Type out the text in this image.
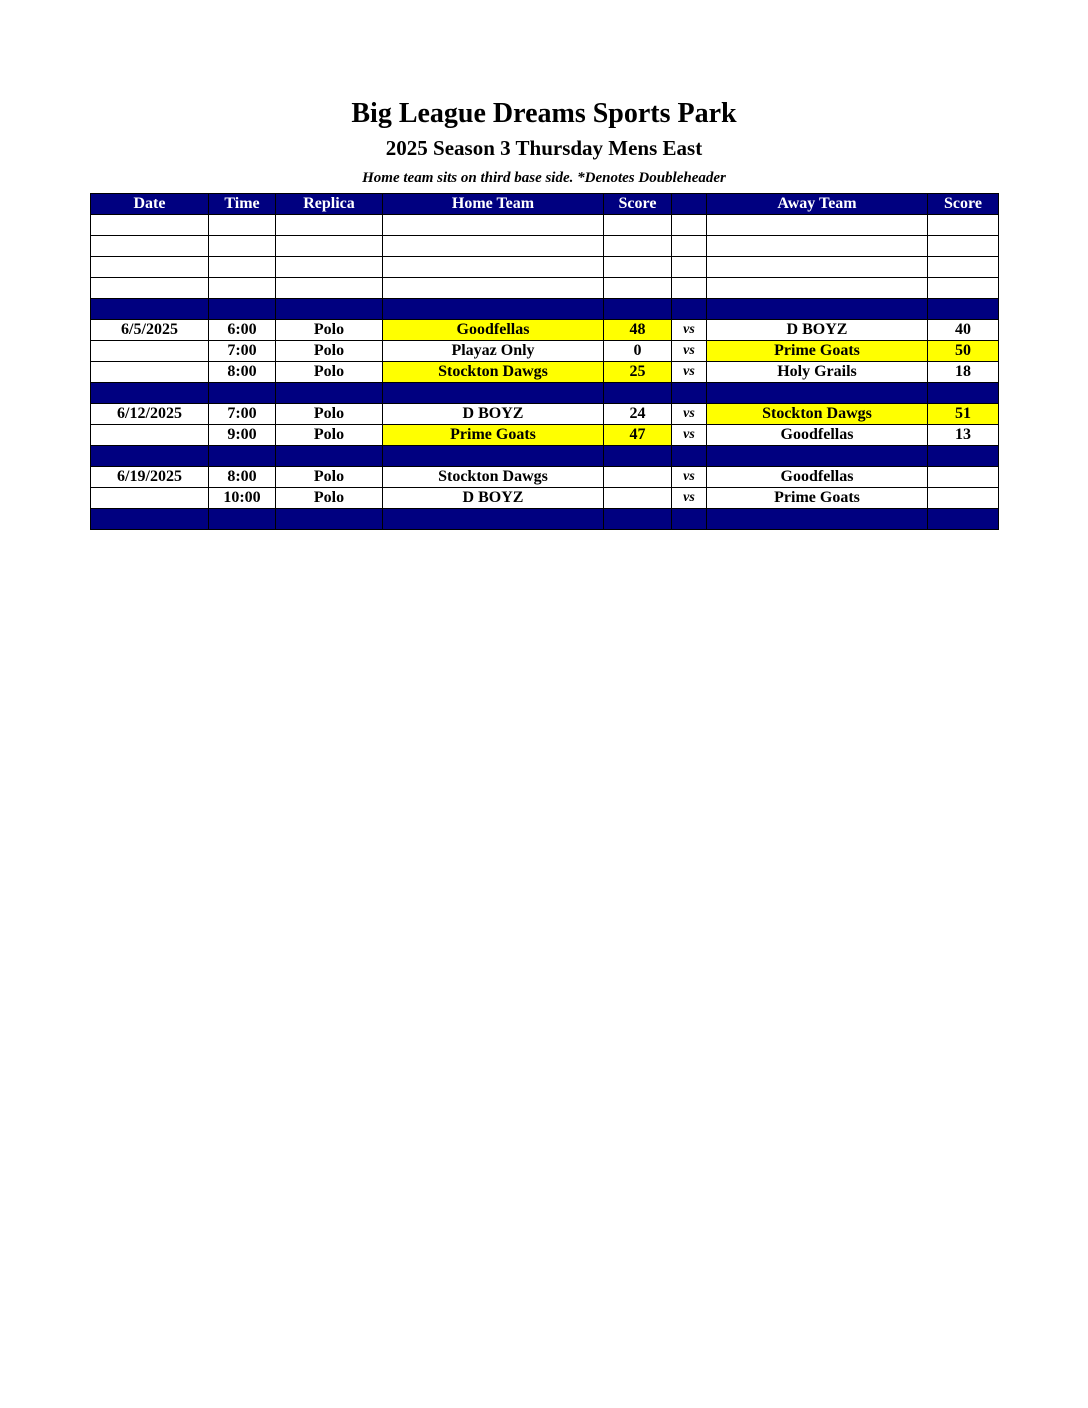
Big League Dreams Sports Park
2025 Season 3 Thursday Mens East
Home team sits on third base side. *Denotes Doubleheader
Date	Time	Replica	Home Team	Score		Away Team	Score

6/5/2025	6:00	Polo	Goodfellas	48	vs	D BOYZ	40
	7:00	Polo	Playaz Only	0	vs	Prime Goats	50
	8:00	Polo	Stockton Dawgs	25	vs	Holy Grails	18

6/12/2025	7:00	Polo	D BOYZ	24	vs	Stockton Dawgs	51
	9:00	Polo	Prime Goats	47	vs	Goodfellas	13

6/19/2025	8:00	Polo	Stockton Dawgs		vs	Goodfellas	
	10:00	Polo	D BOYZ		vs	Prime Goats	
